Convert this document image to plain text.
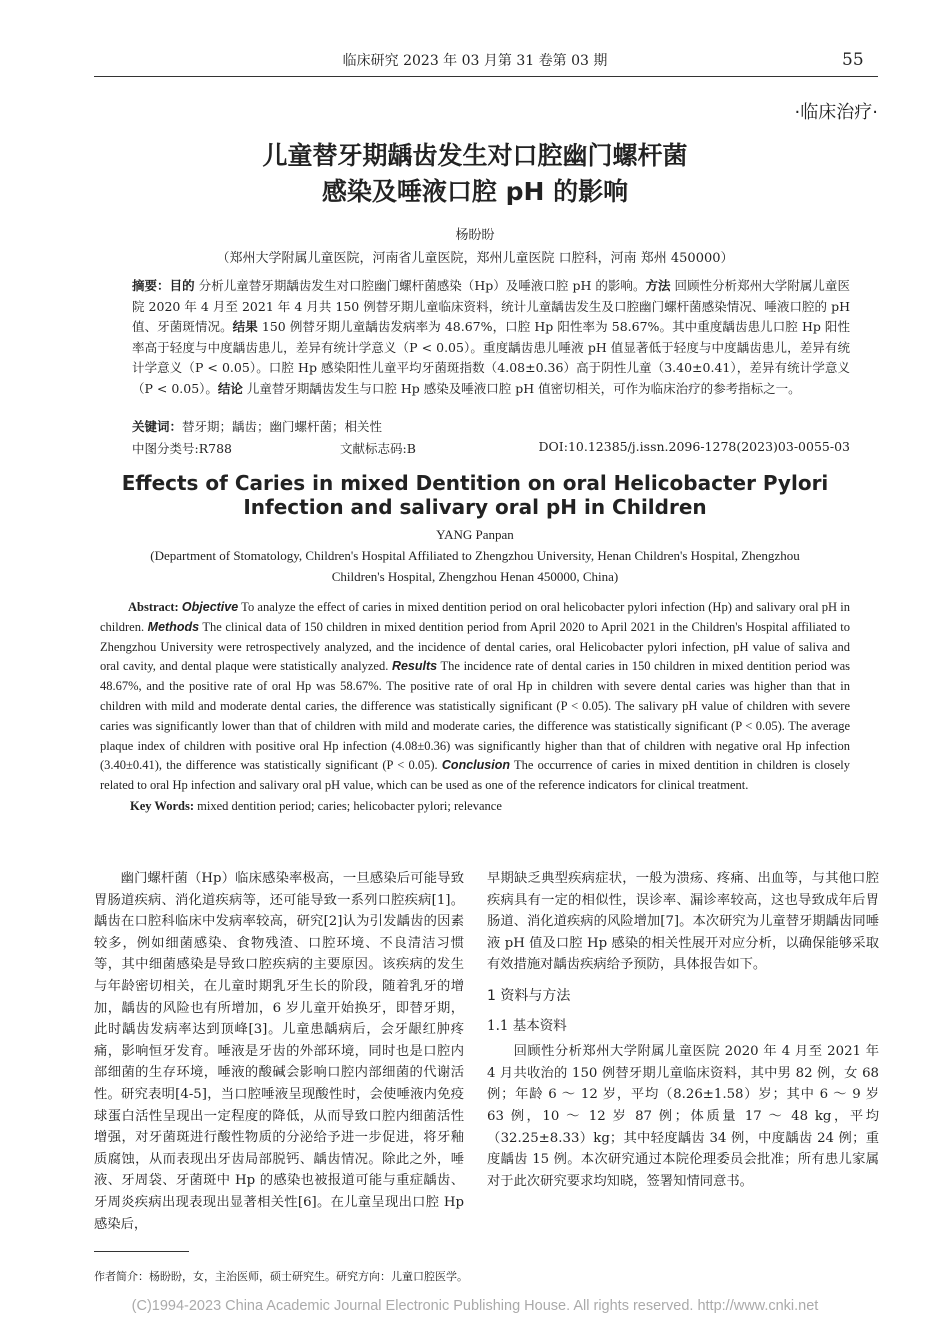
临床研究 2023 年 03 月第 31 卷第 03 期	55
·临床治疗·
儿童替牙期龋齿发生对口腔幽门螺杆菌
感染及唾液口腔 pH 的影响
杨盼盼
（郑州大学附属儿童医院，河南省儿童医院，郑州儿童医院 口腔科，河南 郑州 450000）
摘要：目的 分析儿童替牙期龋齿发生对口腔幽门螺杆菌感染（Hp）及唾液口腔 pH 的影响。方法 回顾性分析郑州大学附属儿童医院 2020 年 4 月至 2021 年 4 月共 150 例替牙期儿童临床资料，统计儿童龋齿发生及口腔幽门螺杆菌感染情况、唾液口腔的 pH 值、牙菌斑情况。结果 150 例替牙期儿童龋齿发病率为 48.67%，口腔 Hp 阳性率为 58.67%。其中重度龋齿患儿口腔 Hp 阳性率高于轻度与中度龋齿患儿，差异有统计学意义（P < 0.05）。重度龋齿患儿唾液 pH 值显著低于轻度与中度龋齿患儿，差异有统计学意义（P < 0.05）。口腔 Hp 感染阳性儿童平均牙菌斑指数（4.08±0.36）高于阴性儿童（3.40±0.41），差异有统计学意义（P < 0.05）。结论 儿童替牙期龋齿发生与口腔 Hp 感染及唾液口腔 pH 值密切相关，可作为临床治疗的参考指标之一。
关键词：替牙期；龋齿；幽门螺杆菌；相关性
中图分类号:R788	文献标志码:B	DOI:10.12385/j.issn.2096-1278(2023)03-0055-03
Effects of Caries in mixed Dentition on oral Helicobacter Pylori
Infection and salivary oral pH in Children
YANG Panpan
(Department of Stomatology, Children's Hospital Affiliated to Zhengzhou University, Henan Children's Hospital, Zhengzhou
Children's Hospital, Zhengzhou Henan 450000, China)
Abstract: Objective To analyze the effect of caries in mixed dentition period on oral helicobacter pylori infection (Hp) and salivary oral pH in children. Methods The clinical data of 150 children in mixed dentition period from April 2020 to April 2021 in the Children's Hospital affiliated to Zhengzhou University were retrospectively analyzed, and the incidence of dental caries, oral Helicobacter pylori infection, pH value of saliva and oral cavity, and dental plaque were statistically analyzed. Results The incidence rate of dental caries in 150 children in mixed dentition period was 48.67%, and the positive rate of oral Hp was 58.67%. The positive rate of oral Hp in children with severe dental caries was higher than that in children with mild and moderate dental caries, the difference was statistically significant (P < 0.05). The salivary pH value of children with severe caries was significantly lower than that of children with mild and moderate caries, the difference was statistically significant (P < 0.05). The average plaque index of children with positive oral Hp infection (4.08±0.36) was significantly higher than that of children with negative oral Hp infection (3.40±0.41), the difference was statistically significant (P < 0.05). Conclusion The occurrence of caries in mixed dentition in children is closely related to oral Hp infection and salivary oral pH value, which can be used as one of the reference indicators for clinical treatment.
Key Words: mixed dentition period; caries; helicobacter pylori; relevance

幽门螺杆菌（Hp）临床感染率极高，一旦感染后可能导致胃肠道疾病、消化道疾病等，还可能导致一系列口腔疾病[1]。龋齿在口腔科临床中发病率较高，研究[2]认为引发龋齿的因素较多，例如细菌感染、食物残渣、口腔环境、不良清洁习惯等，其中细菌感染是导致口腔疾病的主要原因。该疾病的发生与年龄密切相关，在儿童时期乳牙生长的阶段，随着乳牙的增加，龋齿的风险也有所增加，6 岁儿童开始换牙，即替牙期，此时龋齿发病率达到顶峰[3]。儿童患龋病后，会牙龈红肿疼痛，影响恒牙发育。唾液是牙齿的外部环境，同时也是口腔内部细菌的生存环境，唾液的酸碱会影响口腔内部细菌的代谢活性。研究表明[4-5]，当口腔唾液呈现酸性时，会使唾液内免疫球蛋白活性呈现出一定程度的降低，从而导致口腔内细菌活性增强，对牙菌斑进行酸性物质的分泌给予进一步促进，将牙釉质腐蚀，从而表现出牙齿局部脱钙、龋齿情况。除此之外，唾液、牙周袋、牙菌斑中 Hp 的感染也被报道可能与重症龋齿、牙周炎疾病出现表现出显著相关性[6]。在儿童呈现出口腔 Hp 感染后，

早期缺乏典型疾病症状，一般为溃疡、疼痛、出血等，与其他口腔疾病具有一定的相似性，误诊率、漏诊率较高，这也导致成年后胃肠道、消化道疾病的风险增加[7]。本次研究为儿童替牙期龋齿同唾液 pH 值及口腔 Hp 感染的相关性展开对应分析，以确保能够采取有效措施对龋齿疾病给予预防，具体报告如下。

1 资料与方法
1.1 基本资料

回顾性分析郑州大学附属儿童医院 2020 年 4 月至 2021 年 4 月共收治的 150 例替牙期儿童临床资料，其中男 82 例，女 68 例；年龄 6 ～ 12 岁，平均（8.26±1.58）岁；其中 6 ～ 9 岁 63 例，10 ～ 12 岁 87 例；体质量 17 ～ 48 kg，平均（32.25±8.33）kg；其中轻度龋齿 34 例，中度龋齿 24 例；重度龋齿 15 例。本次研究通过本院伦理委员会批准；所有患儿家属对于此次研究要求均知晓，签署知情同意书。

作者简介：杨盼盼，女，主治医师，硕士研究生。研究方向：儿童口腔医学。
(C)1994-2023 China Academic Journal Electronic Publishing House. All rights reserved. http://www.cnki.net
